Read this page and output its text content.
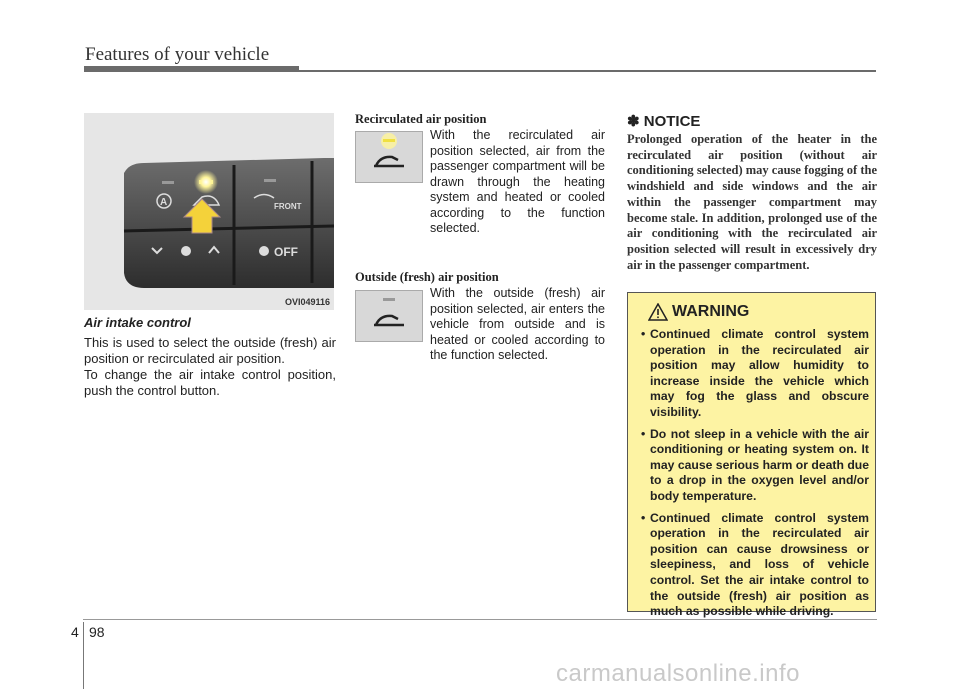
Features of your vehicle
A	FRONT
OFF
OVI049116
Air intake control
This is used to select the outside (fresh) air position or recirculated air position.
To change the air intake control position, push the control button.
Recirculated air position
With the recirculated air position selected, air from the passenger compartment will be drawn through the heating system and heated or cooled according to the function selected.
Outside (fresh) air position
With the outside (fresh) air position selected, air enters the vehicle from outside and is heated or cooled according to the function selected.
✽ NOTICE
Prolonged operation of the heater in the recirculated air position (without air conditioning selected) may cause fogging of the windshield and side windows and the air within the passenger compartment may become stale. In addition, prolonged use of the air conditioning with the recirculated air position selected will result in excessively dry air in the passenger compartment.
WARNING
• Continued climate control system operation in the recirculated air position may allow humidity to increase inside the vehicle which may fog the glass and obscure visibility.
• Do not sleep in a vehicle with the air conditioning or heating system on. It may cause serious harm or death due to a drop in the oxygen level and/or body temperature.
• Continued climate control system operation in the recirculated air position can cause drowsiness or sleepiness, and loss of vehicle control. Set the air intake control to the outside (fresh) air position as much as possible while driving.
4 98
carmanualsonline.info
